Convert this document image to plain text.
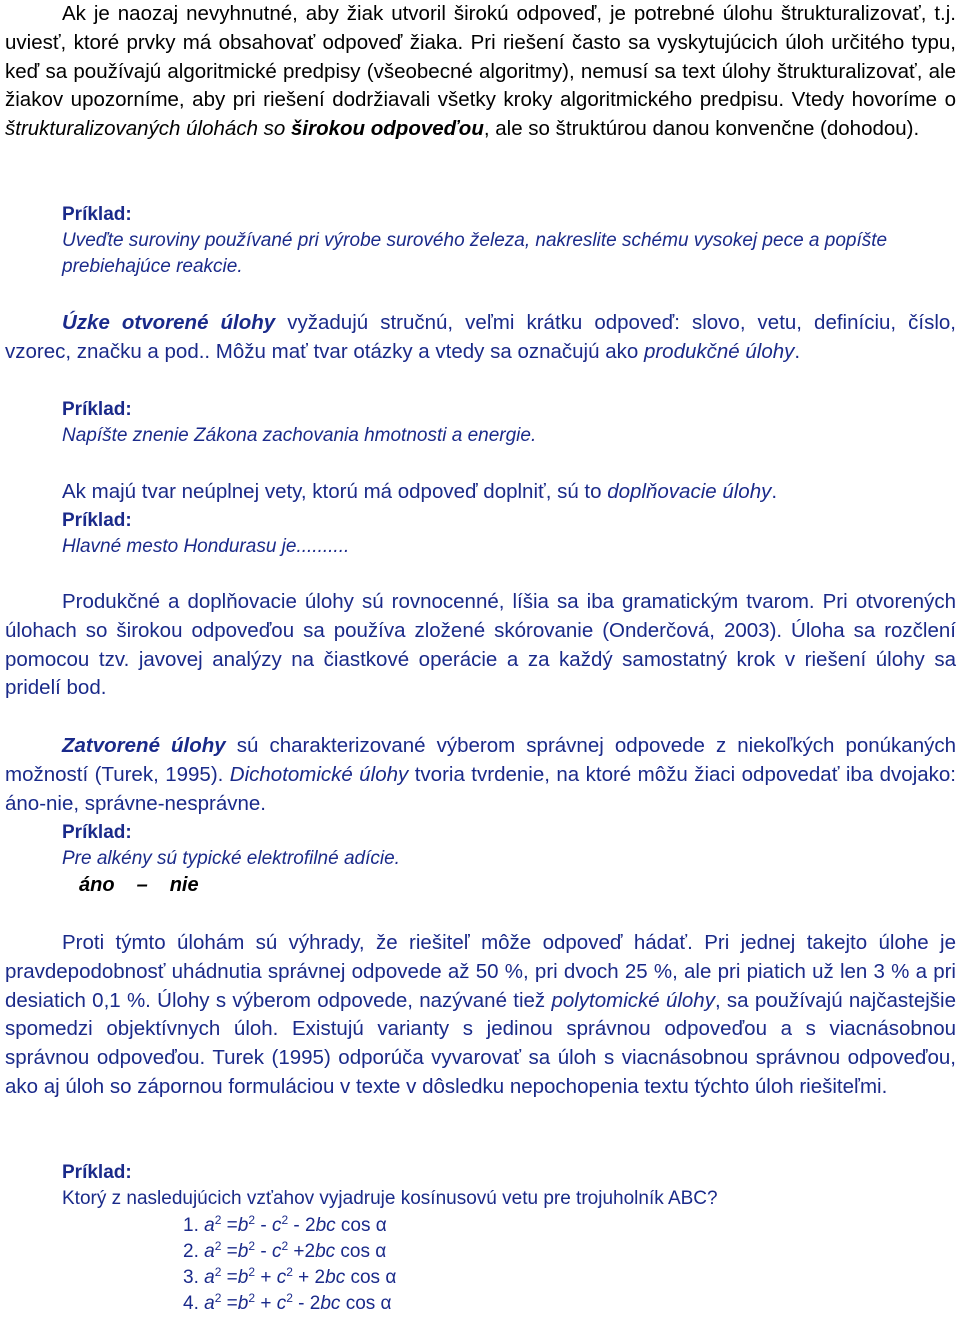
Ak je naozaj nevyhnutné, aby žiak utvoril širokú odpoveď, je potrebné úlohu štrukturalizovať, t.j. uviesť, ktoré prvky má obsahovať odpoveď žiaka. Pri riešení často sa vyskytujúcich úloh určitého typu, keď sa používajú algoritmické predpisy (všeobecné algoritmy), nemusí sa text úlohy štrukturalizovať, ale žiakov upozorníme, aby pri riešení dodržiavali všetky kroky algoritmického predpisu. Vtedy hovoríme o štrukturalizovaných úlohách so širokou odpoveďou, ale so štruktúrou danou konvenčne (dohodou).
Príklad:
Uveďte suroviny používané pri výrobe surového železa, nakreslite schému vysokej pece a popíšte prebiehajúce reakcie.
Úzke otvorené úlohy vyžadujú stručnú, veľmi krátku odpoveď: slovo, vetu, definíciu, číslo, vzorec, značku a pod.. Môžu mať tvar otázky a vtedy sa označujú ako produkčné úlohy.
Príklad:
Napíšte znenie Zákona zachovania hmotnosti a energie.
Ak majú tvar neúplnej vety, ktorú má odpoveď doplniť, sú to doplňovacie úlohy.
Príklad:
Hlavné mesto Hondurasu je..........
Produkčné a doplňovacie úlohy sú rovnocenné, líšia sa iba gramatickým tvarom. Pri otvorených úlohach so širokou odpoveďou sa používa zložené skórovanie (Onderčová, 2003). Úloha sa rozčlení pomocou tzv. javovej analýzy na čiastkové operácie a za každý samostatný krok v riešení úlohy sa pridelí bod.
Zatvorené úlohy sú charakterizované výberom správnej odpovede z niekoľkých ponúkaných možností (Turek, 1995). Dichotomické úlohy tvoria tvrdenie, na ktoré môžu žiaci odpovedať iba dvojako: áno-nie, správne-nesprávne.
Príklad:
Pre alkény sú typické elektrofilné adície.
áno – nie
Proti týmto úlohám sú výhrady, že riešiteľ môže odpoveď hádať. Pri jednej takejto úlohe je pravdepodobnosť uhádnutia správnej odpovede až 50 %, pri dvoch 25 %, ale pri piatich už len 3 % a pri desiatich 0,1 %. Úlohy s výberom odpovede, nazývané tiež polytomické úlohy, sa používajú najčastejšie spomedzi objektívnych úloh. Existujú varianty s jedinou správnou odpoveďou a s viacnásobnou správnou odpoveďou. Turek (1995) odporúča vyvarovať sa úloh s viacnásobnou správnou odpoveďou, ako aj úloh so zápornou formuláciou v texte v dôsledku nepochopenia textu týchto úloh riešiteľmi.
Príklad:
Ktorý z nasledujúcich vzťahov vyjadruje kosínusovú vetu pre trojuholník ABC?
1. $a^2 =b^2 - c^2 - 2bc$ cos α
2. $a^2 =b^2 - c^2 +2bc$ cos α
3. $a^2 =b^2 + c^2 + 2bc$ cos α
4. $a^2 =b^2 + c^2 - 2bc$ cos α
